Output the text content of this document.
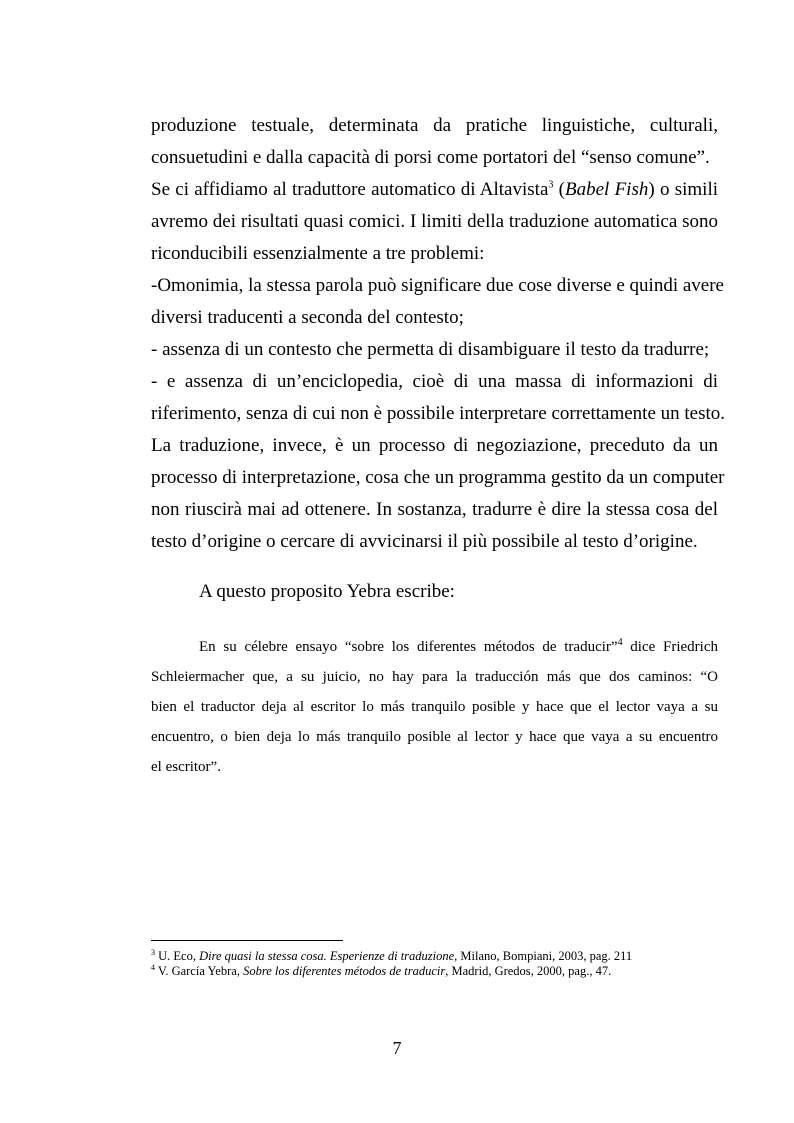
produzione testuale, determinata da pratiche linguistiche, culturali,
consuetudini e dalla capacità di porsi come portatori del “senso comune”.
Se ci affidiamo al traduttore automatico di Altavista$^3$ (Babel Fish) o simili
avremo dei risultati quasi comici. I limiti della traduzione automatica sono
riconducibili essenzialmente a tre problemi:
-Omonimia, la stessa parola può significare due cose diverse e quindi avere
diversi traducenti a seconda del contesto;
- assenza di un contesto che permetta di disambiguare il testo da tradurre;
- e assenza di un’enciclopedia, cioè di una massa di informazioni di
riferimento, senza di cui non è possibile interpretare correttamente un testo.
La traduzione, invece, è un processo di negoziazione, preceduto da un
processo di interpretazione, cosa che un programma gestito da un computer
non riuscirà mai ad ottenere. In sostanza, tradurre è dire la stessa cosa del
testo d’origine o cercare di avvicinarsi il più possibile al testo d’origine.
A questo proposito Yebra escribe:
En su célebre ensayo “sobre los diferentes métodos de traducir”$^4$ dice Friedrich
Schleiermacher que, a su juicio, no hay para la traducción más que dos caminos: “O
bien el traductor deja al escritor lo más tranquilo posible y hace que el lector vaya a su
encuentro, o bien deja lo más tranquilo posible al lector y hace que vaya a su encuentro
el escritor”.
$^3$ U. Eco, Dire quasi la stessa cosa. Esperienze di traduzione, Milano, Bompiani, 2003, pag. 211
$^4$ V. García Yebra, Sobre los diferentes métodos de traducir, Madrid, Gredos, 2000, pag., 47.
7
